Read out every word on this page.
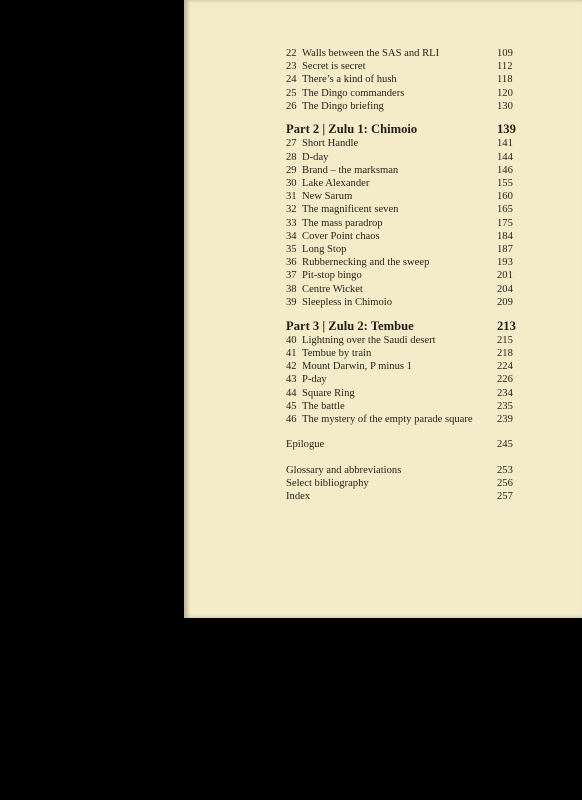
22 Walls between the SAS and RLI	109
23 Secret is secret	112
24 There’s a kind of hush	118
25 The Dingo commanders	120
26 The Dingo briefing	130
Part 2 | Zulu 1: Chimoio	139
27 Short Handle	141
28 D-day	144
29 Brand – the marksman	146
30 Lake Alexander	155
31 New Sarum	160
32 The magnificent seven	165
33 The mass paradrop	175
34 Cover Point chaos	184
35 Long Stop	187
36 Rubbernecking and the sweep	193
37 Pit-stop bingo	201
38 Centre Wicket	204
39 Sleepless in Chimoio	209
Part 3 | Zulu 2: Tembue	213
40 Lightning over the Saudi desert	215
41 Tembue by train	218
42 Mount Darwin, P minus 1	224
43 P-day	226
44 Square Ring	234
45 The battle	235
46 The mystery of the empty parade square 239
Epilogue	245
Glossary and abbreviations	253
Select bibliography	256
Index	257
